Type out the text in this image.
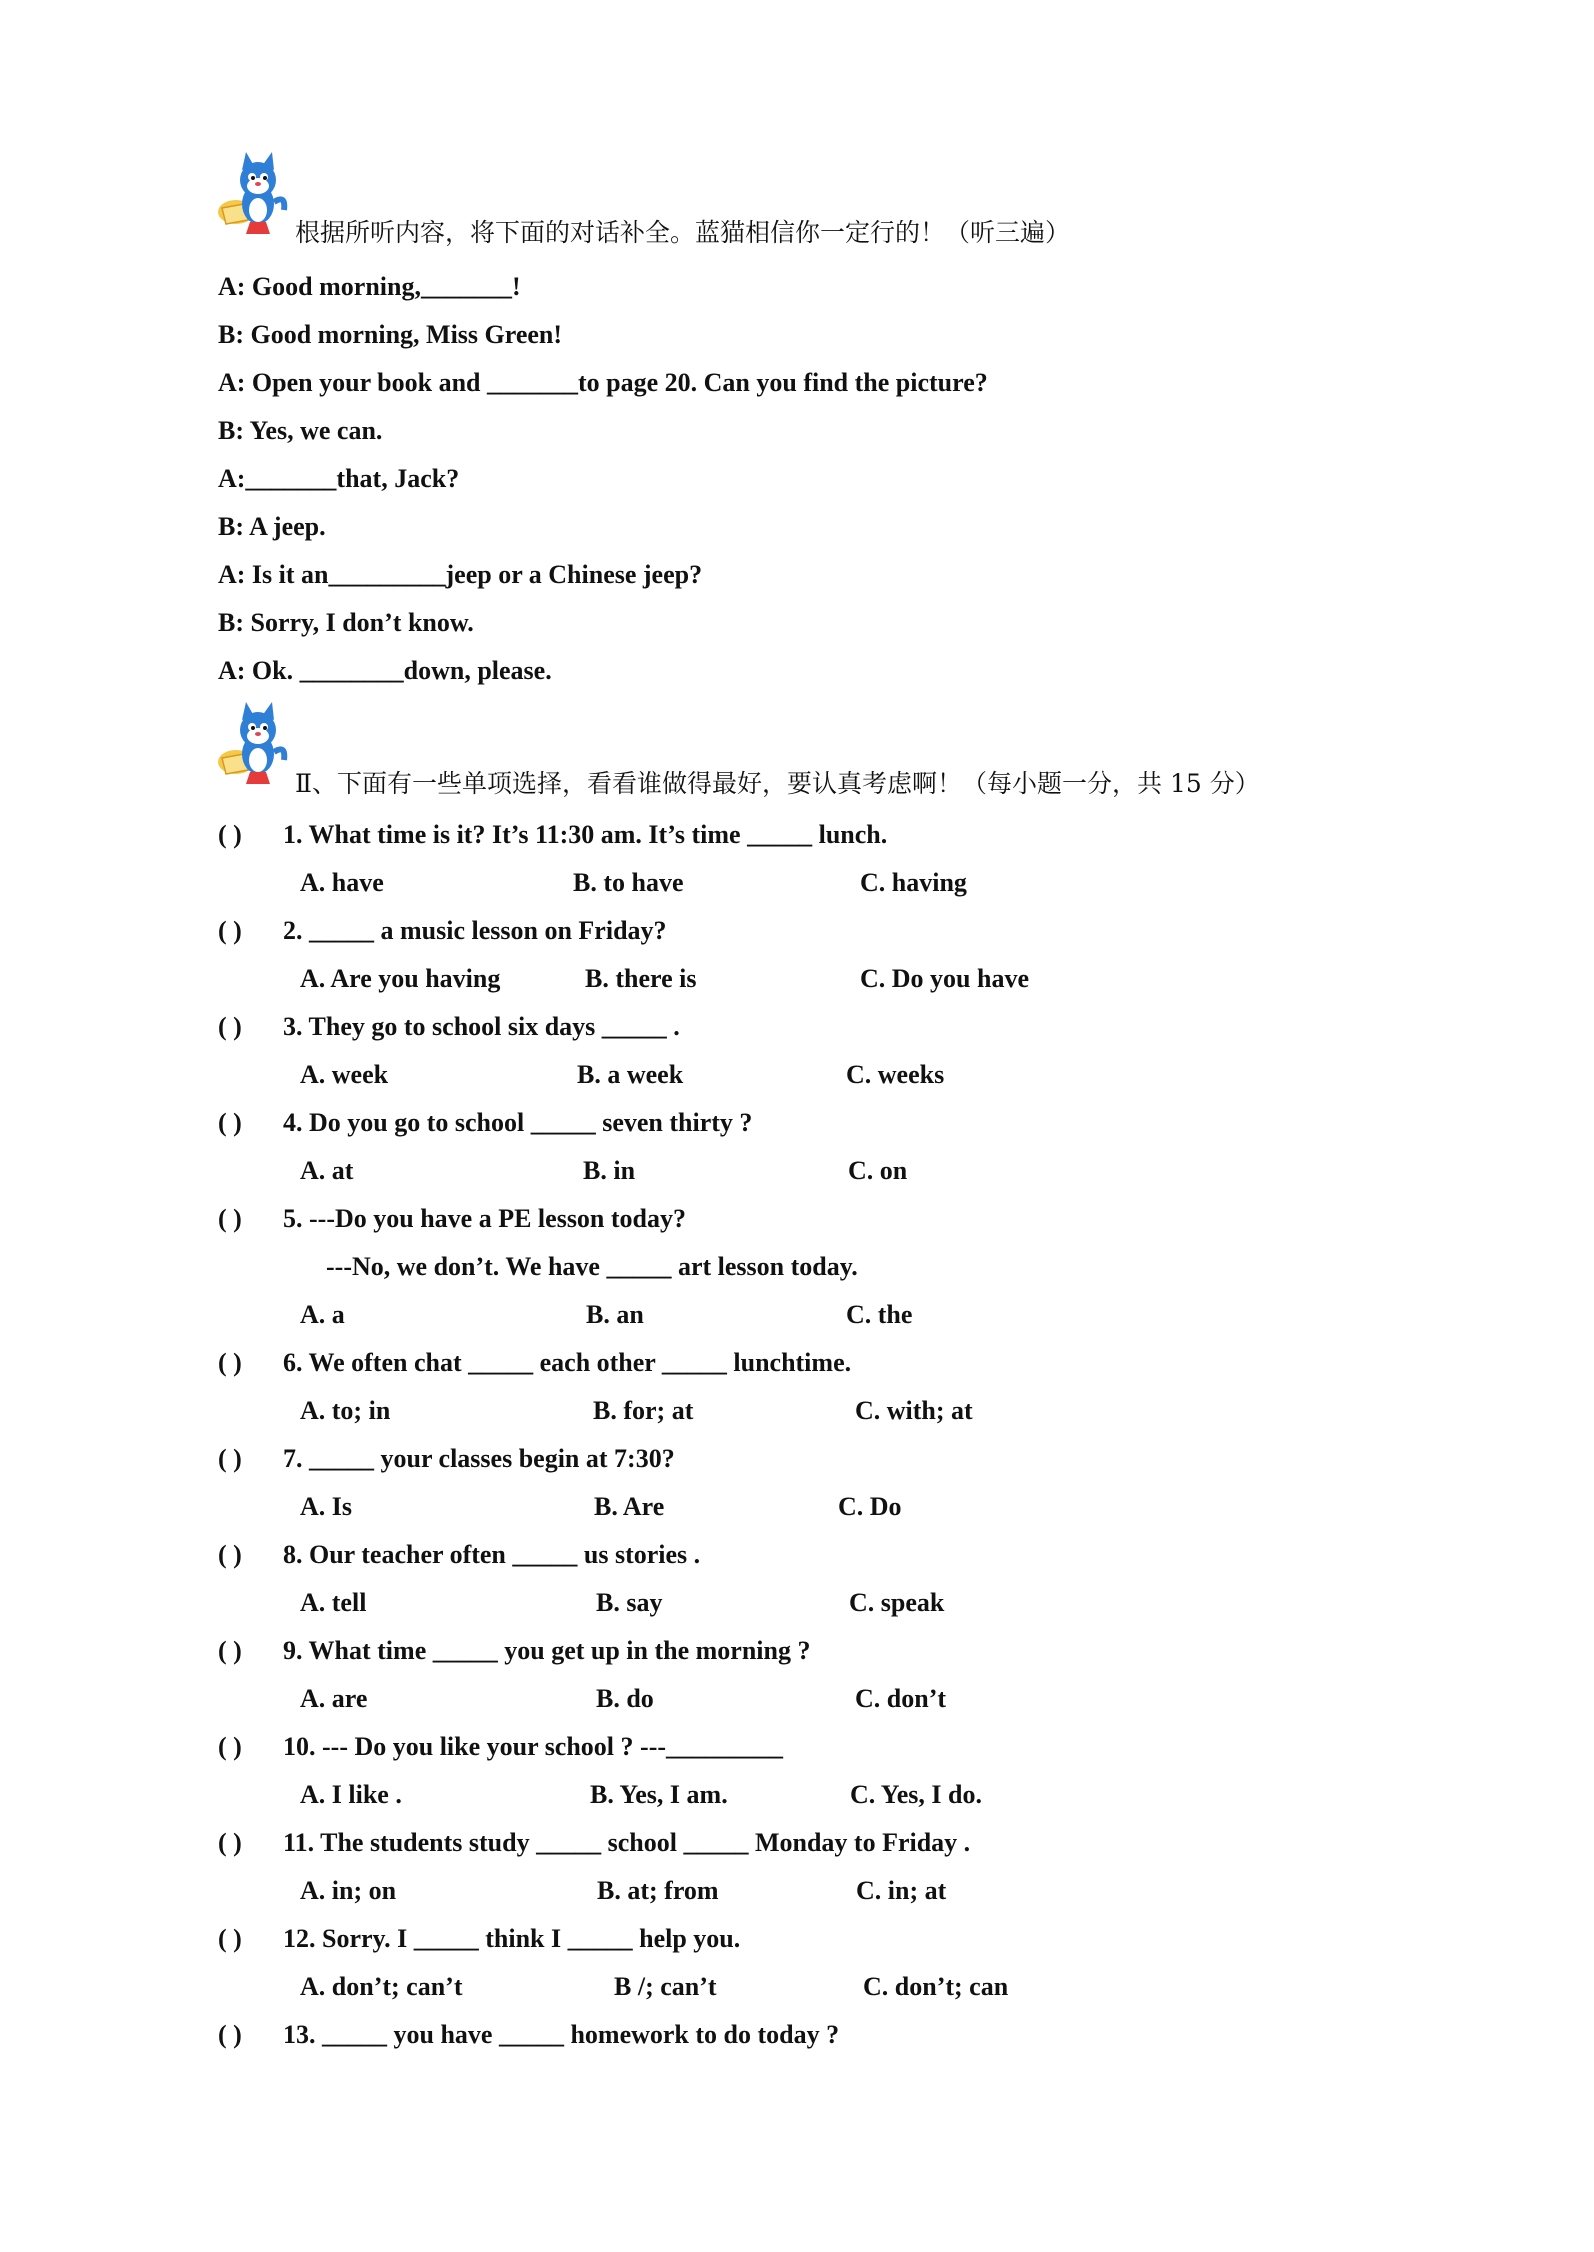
根据所听内容，将下面的对话补全。蓝猫相信你一定行的！（听三遍）
A: Good morning,_______!
B: Good morning, Miss Green!
A: Open your book and _______to page 20. Can you find the picture?
B: Yes, we can.
A:_______that, Jack?
B: A jeep.
A: Is it an_________jeep or a Chinese jeep?
B: Sorry, I don’t know.
A: Ok. ________down, please.
Ⅱ、下面有一些单项选择，看看谁做得最好，要认真考虑啊！（每小题一分，共 15 分）
( ) 1. What time is it? It’s 11:30 am. It’s time _____ lunch.
A. have	B. to have	C. having
( ) 2. _____ a music lesson on Friday?
A. Are you having	B. there is	C. Do you have
( ) 3. They go to school six days _____ .
A. week	B. a week	C. weeks
( ) 4. Do you go to school _____ seven thirty ?
A. at	B. in	C. on
( ) 5. ---Do you have a PE lesson today?
---No, we don’t. We have _____ art lesson today.
A. a	B. an	C. the
( ) 6. We often chat _____ each other _____ lunchtime.
A. to; in	B. for; at	C. with; at
( ) 7. _____ your classes begin at 7:30?
A. Is	B. Are	C. Do
( ) 8. Our teacher often _____ us stories .
A. tell	B. say	C. speak
( ) 9. What time _____ you get up in the morning ?
A. are	B. do	C. don’t
( ) 10. --- Do you like your school ? ---_________
A. I like .	B. Yes, I am.	C. Yes, I do.
( ) 11. The students study _____ school _____ Monday to Friday .
A. in; on	B. at; from	C. in; at
( ) 12. Sorry. I _____ think I _____ help you.
A. don’t; can’t	B /; can’t	C. don’t; can
( ) 13. _____ you have _____ homework to do today ?
